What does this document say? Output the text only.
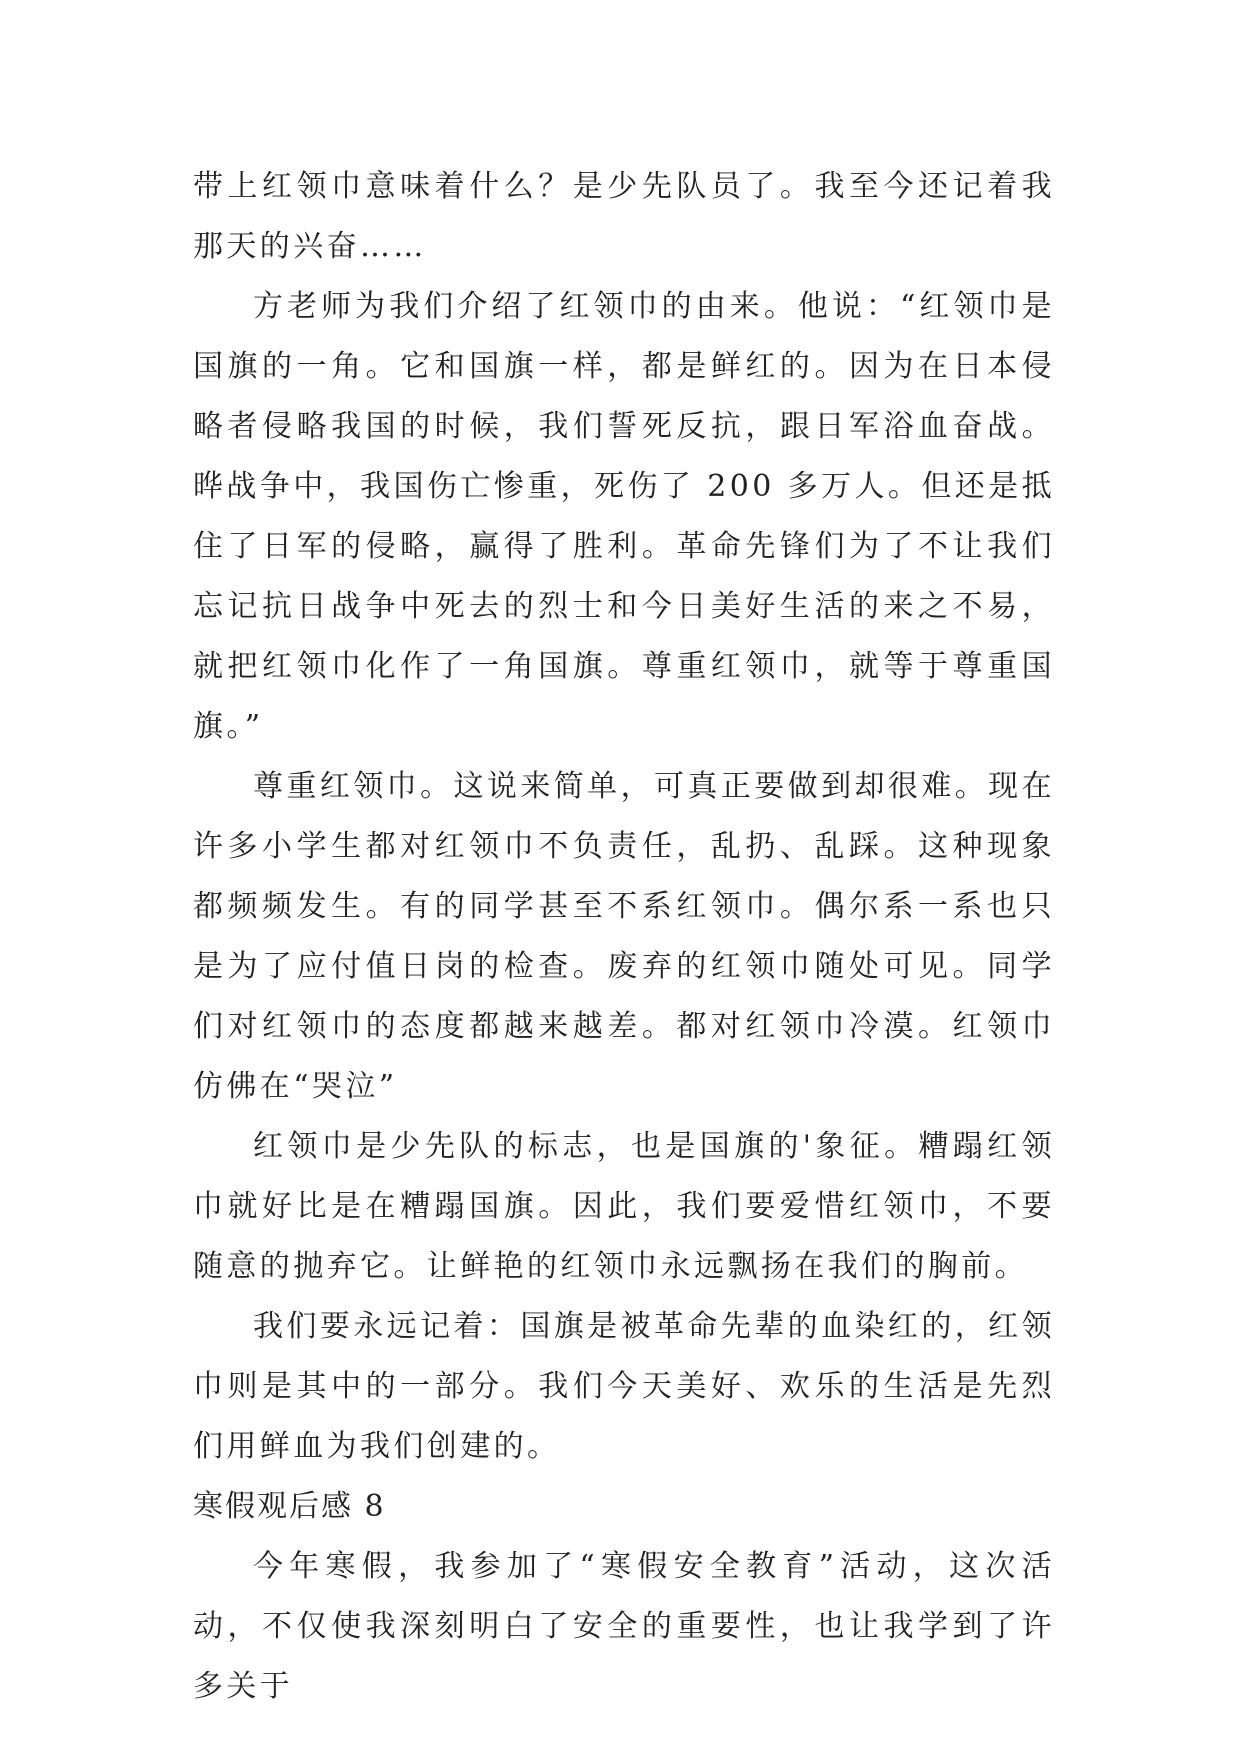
带上红领巾意味着什么？是少先队员了。我至今还记着我那天的兴奋……

方老师为我们介绍了红领巾的由来。他说：“红领巾是国旗的一角。它和国旗一样，都是鲜红的。因为在日本侵略者侵略我国的时候，我们誓死反抗，跟日军浴血奋战。晔战争中，我国伤亡惨重，死伤了 200 多万人。但还是抵住了日军的侵略，赢得了胜利。革命先锋们为了不让我们忘记抗日战争中死去的烈士和今日美好生活的来之不易，就把红领巾化作了一角国旗。尊重红领巾，就等于尊重国旗。”

尊重红领巾。这说来简单，可真正要做到却很难。现在许多小学生都对红领巾不负责任，乱扔、乱踩。这种现象都频频发生。有的同学甚至不系红领巾。偶尔系一系也只是为了应付值日岗的检查。废弃的红领巾随处可见。同学们对红领巾的态度都越来越差。都对红领巾冷漠。红领巾仿佛在“哭泣”

红领巾是少先队的标志，也是国旗的'象征。糟蹋红领巾就好比是在糟蹋国旗。因此，我们要爱惜红领巾，不要随意的抛弃它。让鲜艳的红领巾永远飘扬在我们的胸前。

我们要永远记着：国旗是被革命先辈的血染红的，红领巾则是其中的一部分。我们今天美好、欢乐的生活是先烈们用鲜血为我们创建的。

寒假观后感 8

今年寒假，我参加了“寒假安全教育”活动，这次活动，不仅使我深刻明白了安全的重要性，也让我学到了许多关于
